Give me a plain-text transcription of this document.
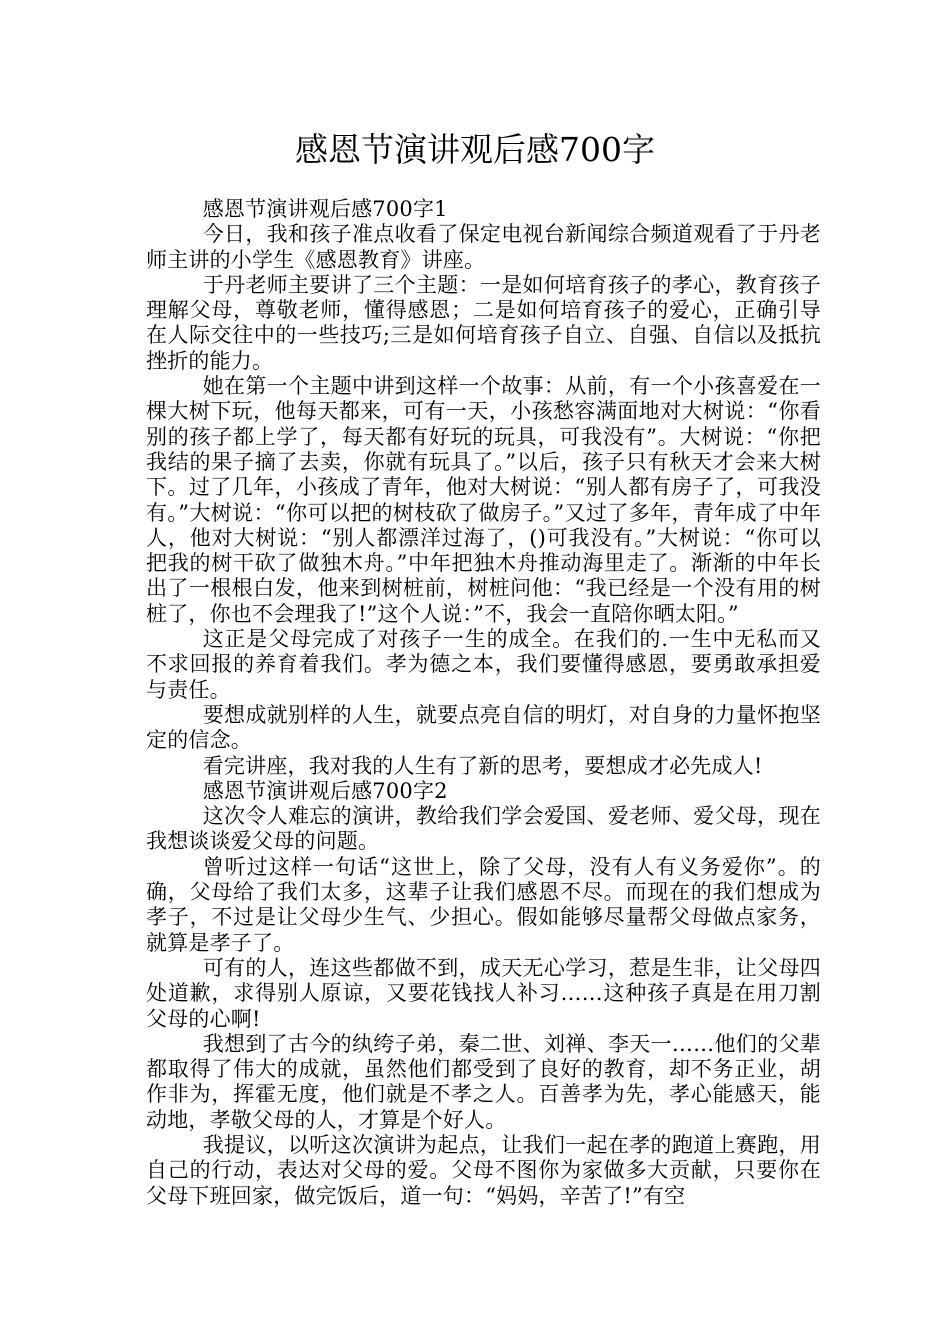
感恩节演讲观后感700字

感恩节演讲观后感700字1

今日，我和孩子准点收看了保定电视台新闻综合频道观看了于丹老师主讲的小学生《感恩教育》讲座。

于丹老师主要讲了三个主题：一是如何培育孩子的孝心，教育孩子理解父母，尊敬老师，懂得感恩；二是如何培育孩子的爱心，正确引导在人际交往中的一些技巧;三是如何培育孩子自立、自强、自信以及抵抗挫折的能力。

她在第一个主题中讲到这样一个故事：从前，有一个小孩喜爱在一棵大树下玩，他每天都来，可有一天，小孩愁容满面地对大树说：“你看别的孩子都上学了，每天都有好玩的玩具，可我没有”。大树说：“你把我结的果子摘了去卖，你就有玩具了。”以后，孩子只有秋天才会来大树下。过了几年，小孩成了青年，他对大树说：“别人都有房子了，可我没有。”大树说：“你可以把的树枝砍了做房子。”又过了多年，青年成了中年人，他对大树说：“别人都漂洋过海了，()可我没有。”大树说：“你可以把我的树干砍了做独木舟。”中年把独木舟推动海里走了。渐渐的中年长出了一根根白发，他来到树桩前，树桩问他：“我已经是一个没有用的树桩了，你也不会理我了!”这个人说：”不，我会一直陪你晒太阳。”

这正是父母完成了对孩子一生的成全。在我们的.一生中无私而又不求回报的养育着我们。孝为德之本，我们要懂得感恩，要勇敢承担爱与责任。

要想成就别样的人生，就要点亮自信的明灯，对自身的力量怀抱坚定的信念。

看完讲座，我对我的人生有了新的思考，要想成才必先成人!

感恩节演讲观后感700字2

这次令人难忘的演讲，教给我们学会爱国、爱老师、爱父母，现在我想谈谈爱父母的问题。

曾听过这样一句话“这世上，除了父母，没有人有义务爱你”。的确，父母给了我们太多，这辈子让我们感恩不尽。而现在的我们想成为孝子，不过是让父母少生气、少担心。假如能够尽量帮父母做点家务，就算是孝子了。

可有的人，连这些都做不到，成天无心学习，惹是生非，让父母四处道歉，求得别人原谅，又要花钱找人补习……这种孩子真是在用刀割父母的心啊!

我想到了古今的纨绔子弟，秦二世、刘禅、李天一……他们的父辈都取得了伟大的成就，虽然他们都受到了良好的教育，却不务正业，胡作非为，挥霍无度，他们就是不孝之人。百善孝为先，孝心能感天，能动地，孝敬父母的人，才算是个好人。

我提议，以听这次演讲为起点，让我们一起在孝的跑道上赛跑，用自己的行动，表达对父母的爱。父母不图你为家做多大贡献，只要你在父母下班回家，做完饭后，道一句：“妈妈，辛苦了!”有空
